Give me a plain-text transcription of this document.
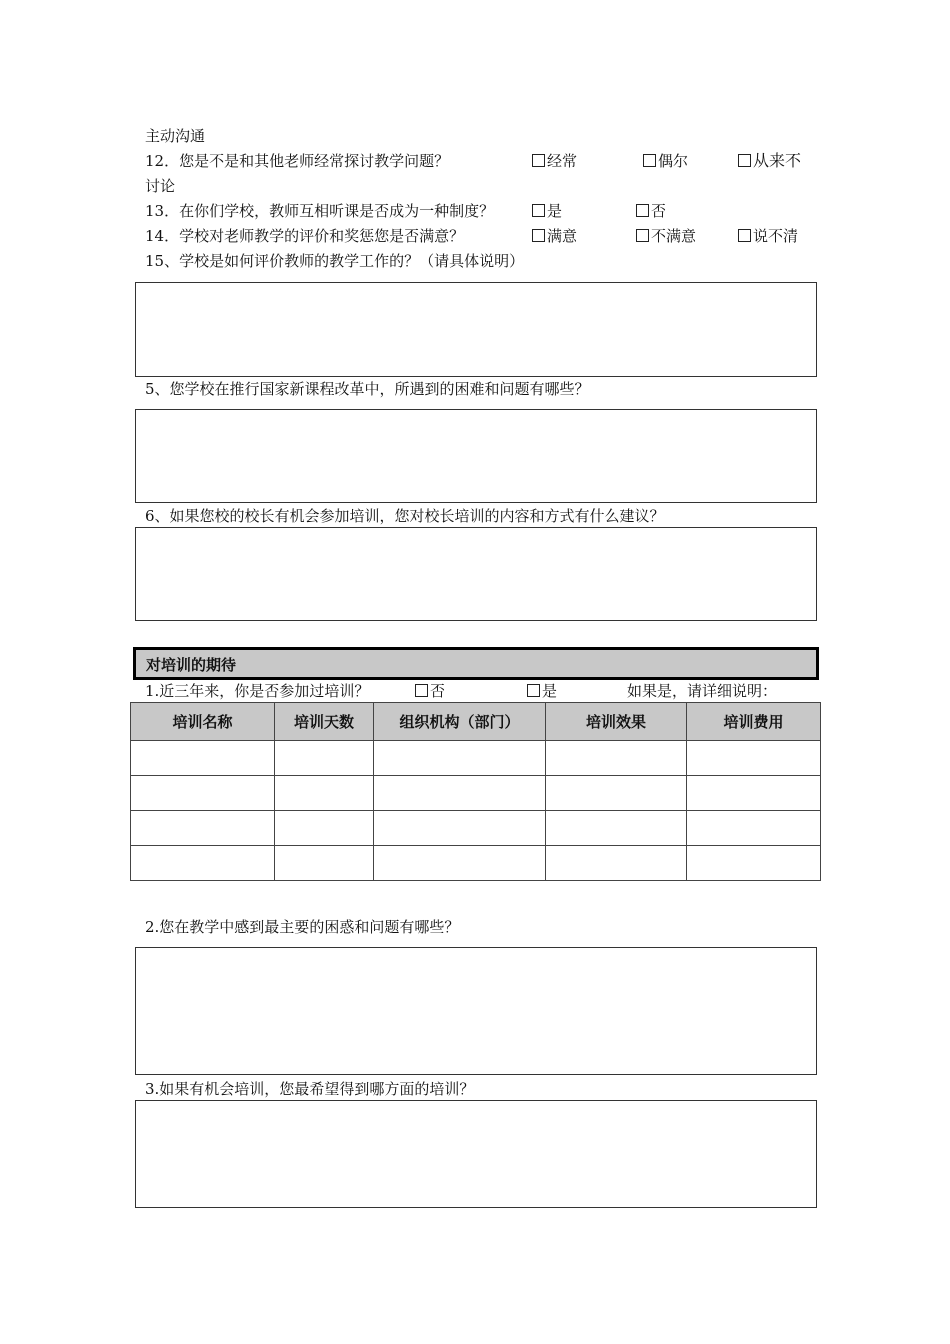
主动沟通
12．您是不是和其他老师经常探讨教学问题？	经常	偶尔	从来不
讨论
13．在你们学校，教师互相听课是否成为一种制度？	是	否
14．学校对老师教学的评价和奖惩您是否满意？	满意	不满意	说不清
15、学校是如何评价教师的教学工作的？（请具体说明）
5、您学校在推行国家新课程改革中，所遇到的困难和问题有哪些？
6、如果您校的校长有机会参加培训，您对校长培训的内容和方式有什么建议？
对培训的期待
1.近三年来，你是否参加过培训？	否	是	如果是，请详细说明：
培训名称	培训天数	组织机构（部门）	培训效果	培训费用

2.您在教学中感到最主要的困惑和问题有哪些？
3.如果有机会培训，您最希望得到哪方面的培训？
